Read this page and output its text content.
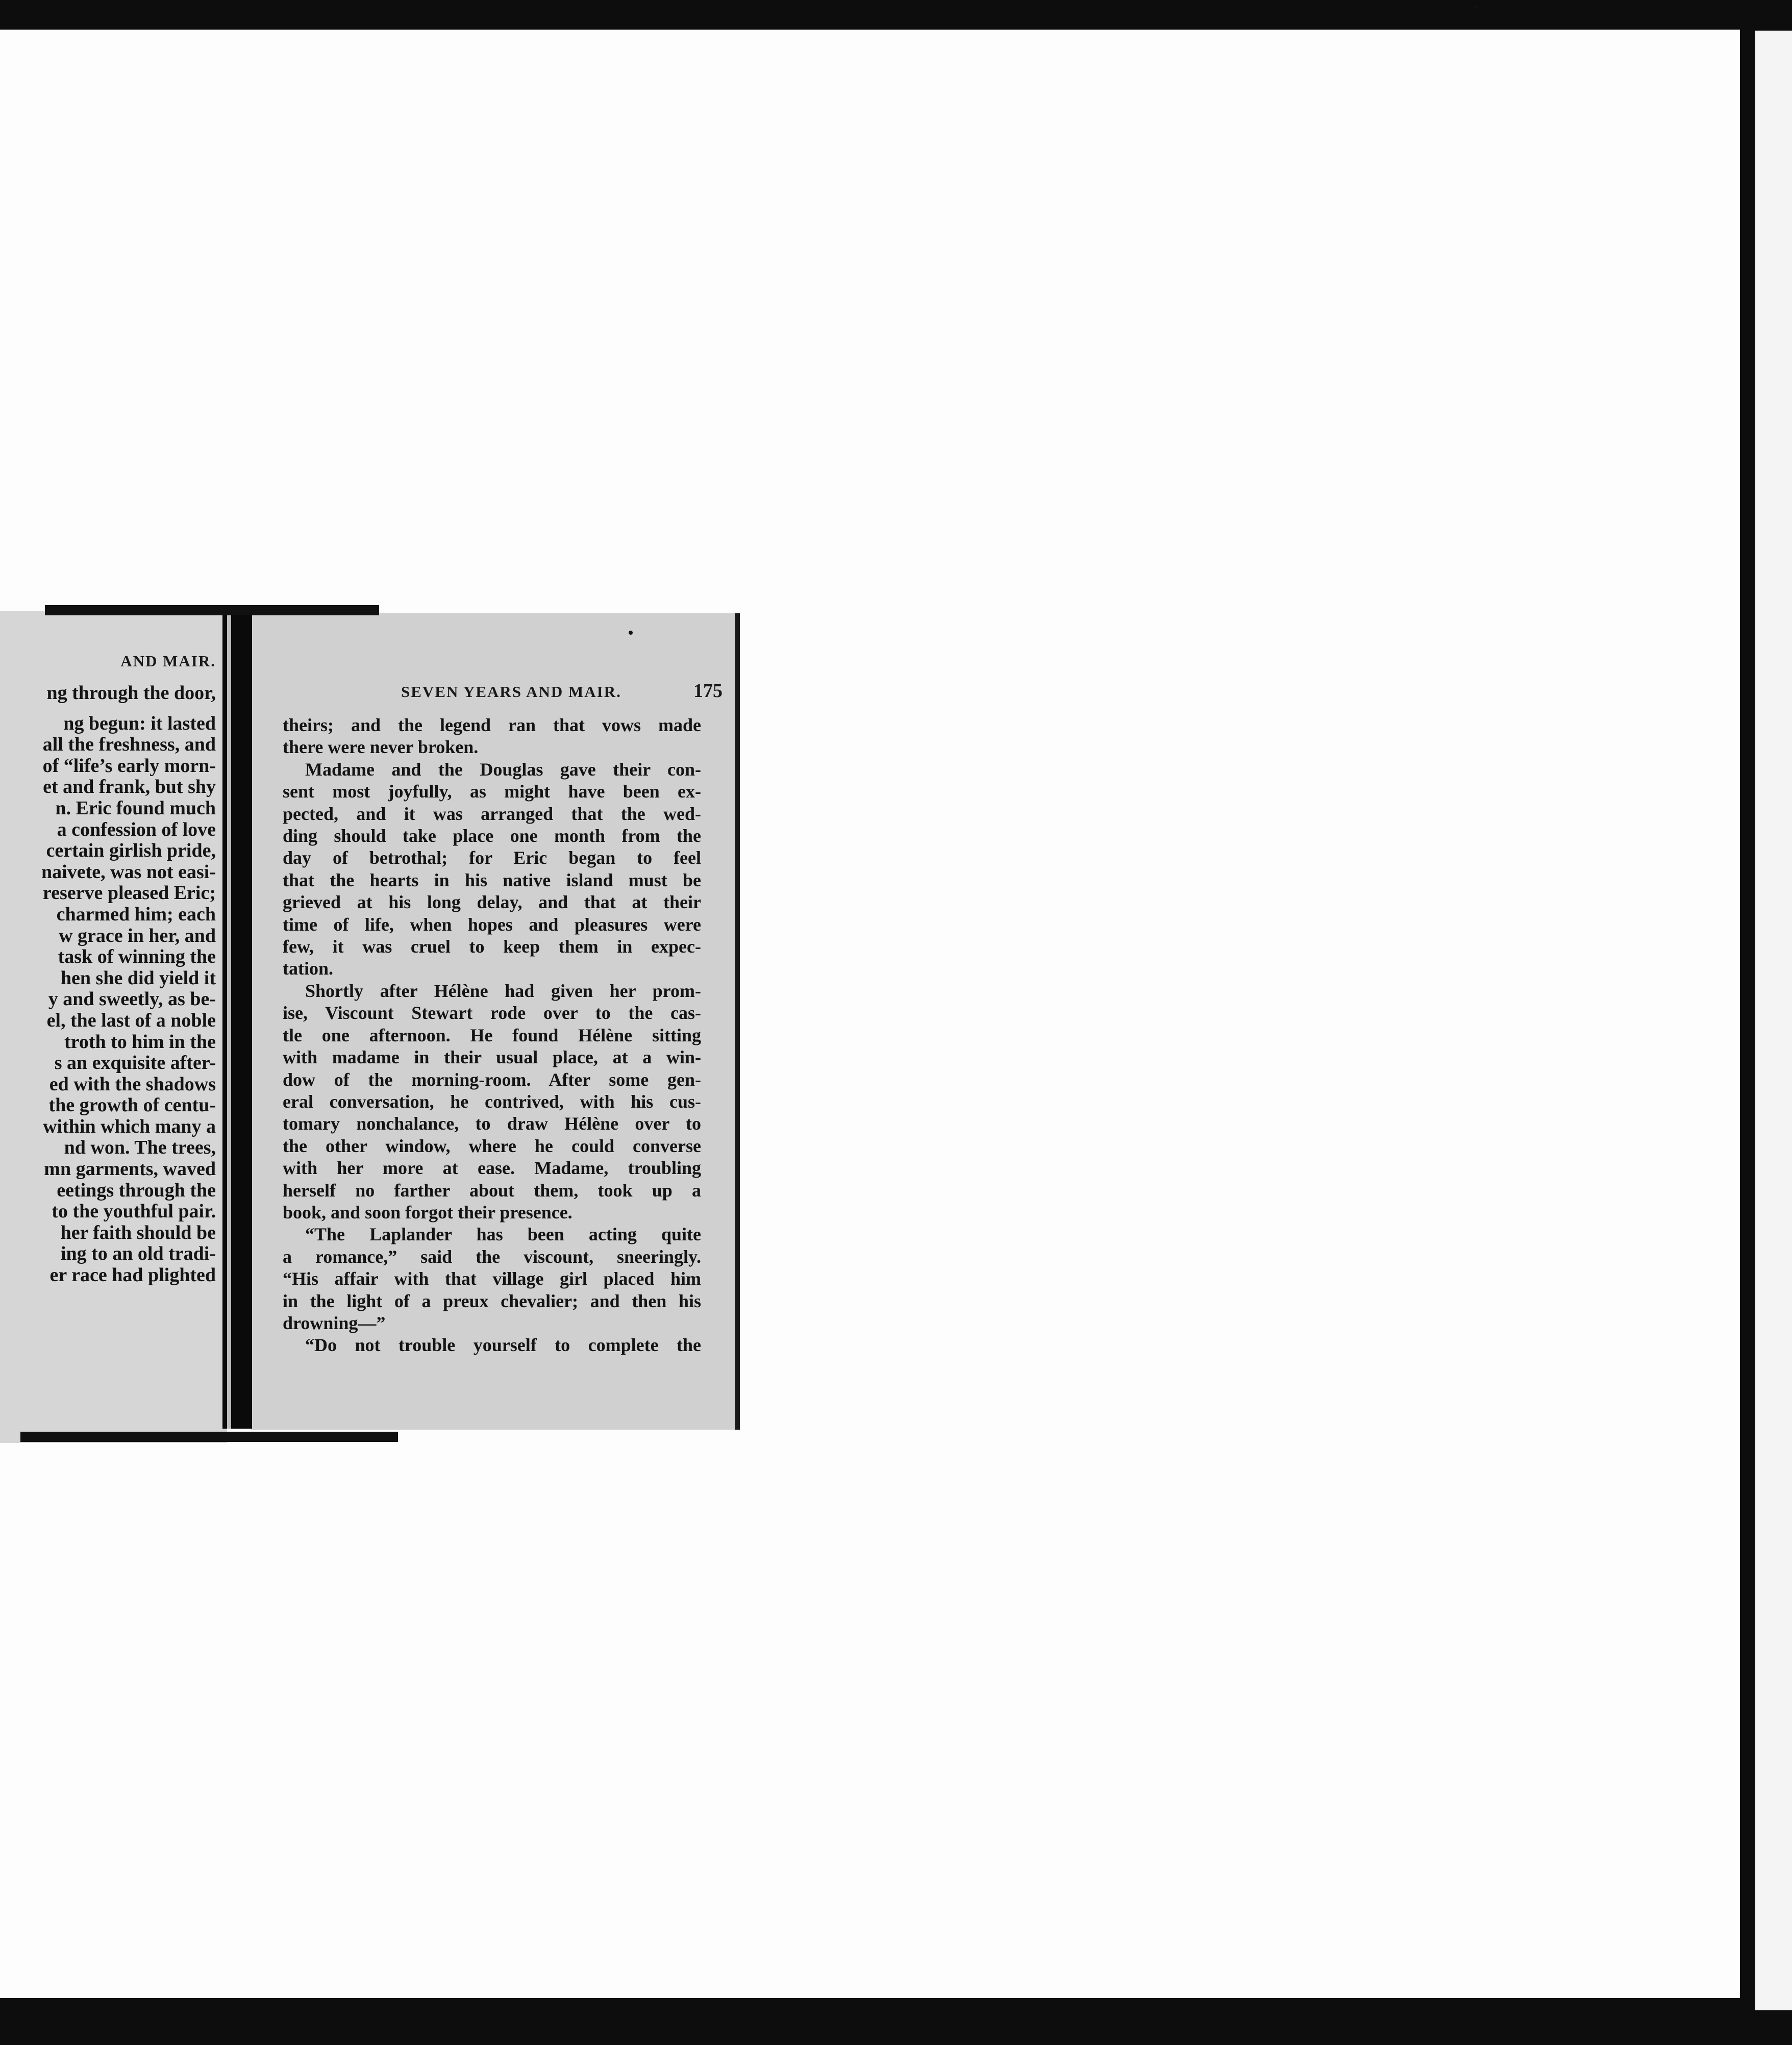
AND MAIR.
ng through the door,
ng begun: it lasted
all the freshness, and
of “life’s early morn-
et and frank, but shy
n. Eric found much
a confession of love
certain girlish pride,
naivete, was not easi-
reserve pleased Eric;
charmed him; each
w grace in her, and
task of winning the
hen she did yield it
y and sweetly, as be-
el, the last of a noble
troth to him in the
s an exquisite after-
ed with the shadows
the growth of centu-
within which many a
nd won. The trees,
mn garments, waved
eetings through the
to the youthful pair.
her faith should be
ing to an old tradi-
er race had plighted
SEVEN YEARS AND MAIR.	175
theirs; and the legend ran that vows made
there were never broken.
Madame and the Douglas gave their con-
sent most joyfully, as might have been ex-
pected, and it was arranged that the wed-
ding should take place one month from the
day of betrothal; for Eric began to feel
that the hearts in his native island must be
grieved at his long delay, and that at their
time of life, when hopes and pleasures were
few, it was cruel to keep them in expec-
tation.
Shortly after Hélène had given her prom-
ise, Viscount Stewart rode over to the cas-
tle one afternoon. He found Hélène sitting
with madame in their usual place, at a win-
dow of the morning-room. After some gen-
eral conversation, he contrived, with his cus-
tomary nonchalance, to draw Hélène over to
the other window, where he could converse
with her more at ease. Madame, troubling
herself no farther about them, took up a
book, and soon forgot their presence.
“The Laplander has been acting quite
a romance,” said the viscount, sneeringly.
“His affair with that village girl placed him
in the light of a preux chevalier; and then his
drowning—”
“Do not trouble yourself to complete the
